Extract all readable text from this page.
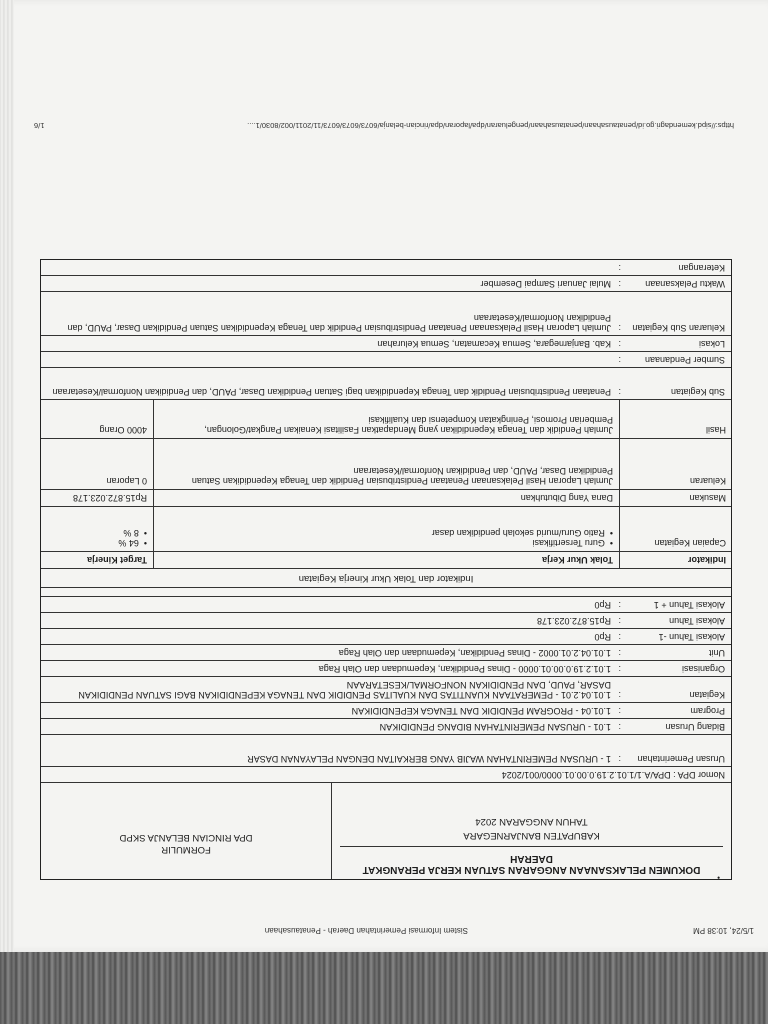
1/5/24, 10:38 PM
Sistem Informasi Pemerintahan Daerah - Penatausahaan
•
DOKUMEN PELAKSANAAN ANGGARAN SATUAN KERJA PERANGKAT DAERAH
KABUPATEN BANJARNEGARA
TAHUN ANGGARAN 2024
FORMULIR
DPA RINCIAN BELANJA SKPD
Nomor DPA : DPA/A.1/1.01.2.19.0.00.01.0000/001/2024
Urusan Pemerintahan
:
1 - URUSAN PEMERINTAHAN WAJIB YANG BERKAITAN DENGAN PELAYANAN DASAR
Bidang Urusan
:
1.01 - URUSAN PEMERINTAHAN BIDANG PENDIDIKAN
Program
:
1.01.04 - PROGRAM PENDIDIK DAN TENAGA KEPENDIDIKAN
Kegiatan
:
1.01.04.2.01 - PEMERATAAN KUANTITAS DAN KUALITAS PENDIDIK DAN TENAGA KEPENDIDIKAN BAGI SATUAN PENDIDIKAN DASAR, PAUD, DAN PENDIDIKAN NONFORMAL/KESETARAAN
Organisasi
:
1.01.2.19.0.00.01.0000 - Dinas Pendidikan, Kepemudaan dan Olah Raga
Unit
:
1.01.04.2.01.0002 - Dinas Pendidikan, Kepemudaan dan Olah Raga
Alokasi Tahun -1
:
Rp0
Alokasi Tahun
:
Rp15.872.023.178
Alokasi Tahun + 1
:
Rp0
Indikator dan Tolak Ukur Kinerja Kegiatan
Indikator
Tolak Ukur Kerja
Target Kinerja
Capaian Kegiatan
•  Guru Tersertifikasi
•  Ratio Guru/murid sekolah pendidikan dasar
•  64 %
•  8 %
Masukan
Dana Yang Dibutuhkan
Rp15.872.023.178
Keluaran
Jumlah Laporan Hasil Pelaksanaan Penataan Pendistribusian Pendidik dan Tenaga Kependidikan Satuan Pendidikan Dasar, PAUD, dan Pendidikan Nonformal/Kesetaraan
0 Laporan
Hasil
Jumlah Pendidik dan Tenaga Kependidikan yang Mendapatkan Fasilitasi Kenaikan Pangkat/Golongan, Pemberian Promosi, Peningkatan Kompetensi dan Kualifikasi
4000 Orang
Sub Kegiatan
:
Penataan Pendistribusian Pendidik dan Tenaga Kependidikan bagi Satuan Pendidikan Dasar, PAUD, dan Pendidikan Nonformal/Kesetaraan
Sumber Pendanaan
:
Lokasi
:
Kab. Banjarnegara, Semua Kecamatan, Semua Kelurahan
Keluaran Sub Kegiatan
:
Jumlah Laporan Hasil Pelaksanaan Penataan Pendistribusian Pendidik dan Tenaga Kependidikan Satuan Pendidikan Dasar, PAUD, dan Pendidikan Nonformal/Kesetaraan
Waktu Pelaksanaan
:
Mulai Januari Sampai Desember
Keterangan
:
https://sipd.kemendagri.go.id/penatausahaan/penatausahaan/pengeluaran/dpa/laporan/dpa/rincian-belanja/6073/6073/6073/11/2011/002/8030/1....
1/6
